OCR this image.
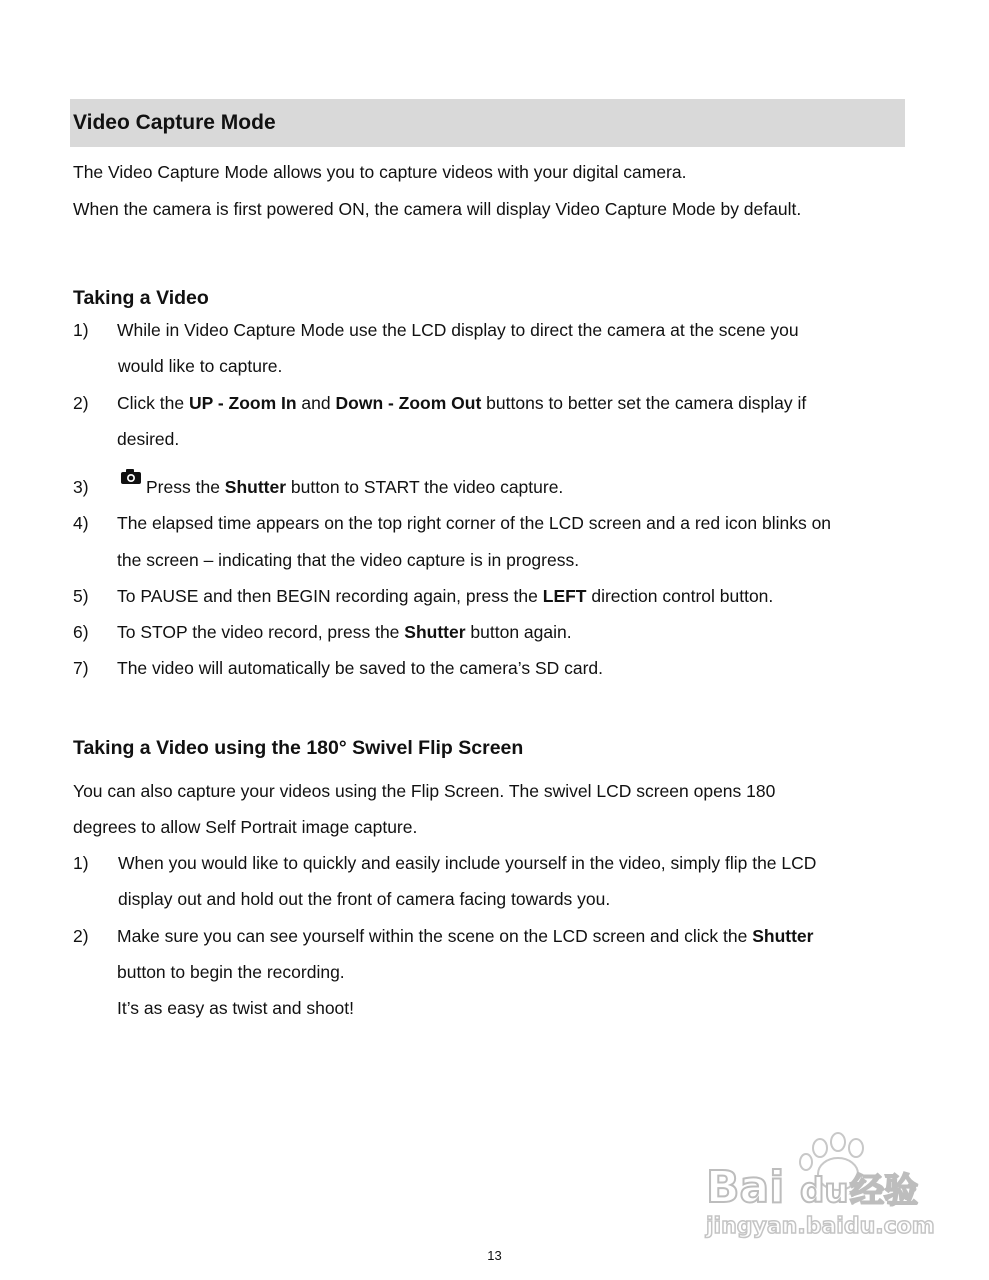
Video Capture Mode
The Video Capture Mode allows you to capture videos with your digital camera.
When the camera is first powered ON, the camera will display Video Capture Mode by default.
Taking a Video
1) While in Video Capture Mode use the LCD display to direct the camera at the scene you
would like to capture.
2) Click the UP - Zoom In and Down - Zoom Out buttons to better set the camera display if
desired.
3)	Press the Shutter button to START the video capture.
4) The elapsed time appears on the top right corner of the LCD screen and a red icon blinks on
the screen – indicating that the video capture is in progress.
5) To PAUSE and then BEGIN recording again, press the LEFT direction control button.
6) To STOP the video record, press the Shutter button again.
7) The video will automatically be saved to the camera’s SD card.
Taking a Video using the 180° Swivel Flip Screen
You can also capture your videos using the Flip Screen. The swivel LCD screen opens 180
degrees to allow Self Portrait image capture.
1) When you would like to quickly and easily include yourself in the video, simply flip the LCD
display out and hold out the front of camera facing towards you.
2) Make sure you can see yourself within the scene on the LCD screen and click the Shutter
button to begin the recording.
It’s as easy as twist and shoot!
Bai du 经验
jingyan.baidu.com
13
